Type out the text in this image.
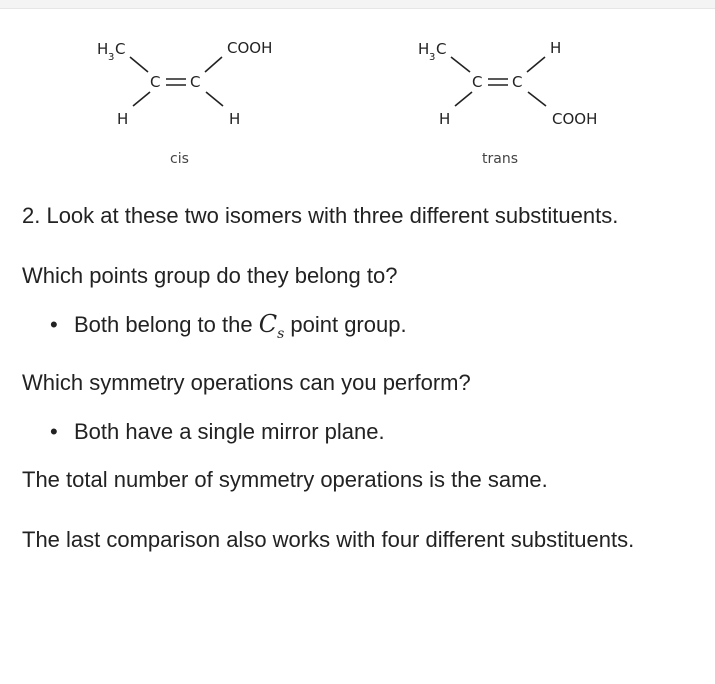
H 3 C
C C
H
COOH
H
cis
H 3 C
C C
H
H
COOH
trans

2. Look at these two isomers with three different substituents.

Which points group do they belong to?

• Both belong to the $C_s$ point group.

Which symmetry operations can you perform?

• Both have a single mirror plane.

The total number of symmetry operations is the same.

The last comparison also works with four different substituents.
